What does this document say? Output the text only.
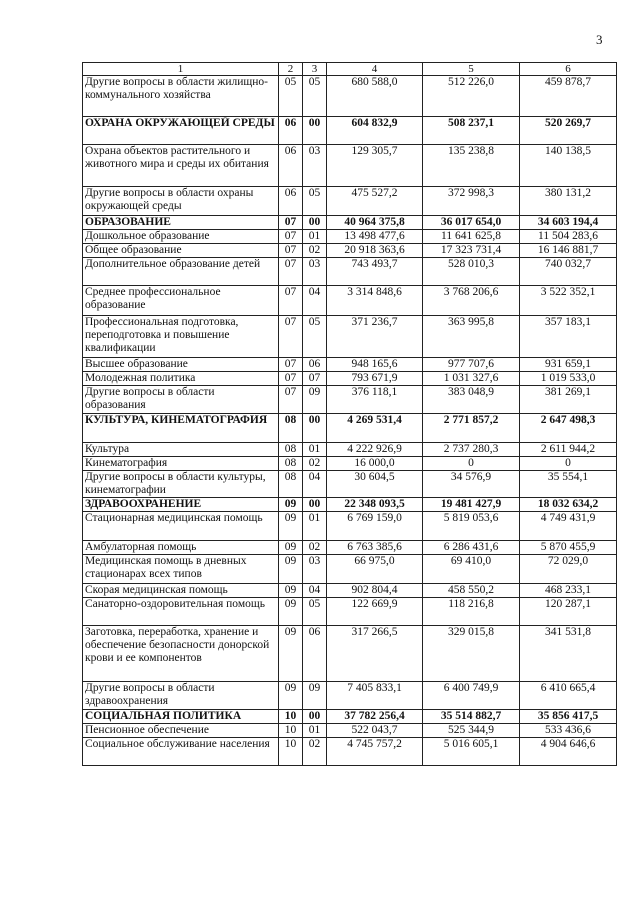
3
1	2	3	4	5	6
Другие вопросы в области жилищно-коммунального хозяйства	05	05	680 588,0	512 226,0	459 878,7
ОХРАНА ОКРУЖАЮЩЕЙ СРЕДЫ	06	00	604 832,9	508 237,1	520 269,7
Охрана объектов растительного и животного мира и среды их обитания	06	03	129 305,7	135 238,8	140 138,5
Другие вопросы в области охраны окружающей среды	06	05	475 527,2	372 998,3	380 131,2
ОБРАЗОВАНИЕ	07	00	40 964 375,8	36 017 654,0	34 603 194,4
Дошкольное образование	07	01	13 498 477,6	11 641 625,8	11 504 283,6
Общее образование	07	02	20 918 363,6	17 323 731,4	16 146 881,7
Дополнительное образование детей	07	03	743 493,7	528 010,3	740 032,7
Среднее профессиональное образование	07	04	3 314 848,6	3 768 206,6	3 522 352,1
Профессиональная подготовка, переподготовка и повышение квалификации	07	05	371 236,7	363 995,8	357 183,1
Высшее образование	07	06	948 165,6	977 707,6	931 659,1
Молодежная политика	07	07	793 671,9	1 031 327,6	1 019 533,0
Другие вопросы в области образования	07	09	376 118,1	383 048,9	381 269,1
КУЛЬТУРА, КИНЕМАТОГРАФИЯ	08	00	4 269 531,4	2 771 857,2	2 647 498,3
Культура	08	01	4 222 926,9	2 737 280,3	2 611 944,2
Кинематография	08	02	16 000,0	0	0
Другие вопросы в области культуры, кинематографии	08	04	30 604,5	34 576,9	35 554,1
ЗДРАВООХРАНЕНИЕ	09	00	22 348 093,5	19 481 427,9	18 032 634,2
Стационарная медицинская помощь	09	01	6 769 159,0	5 819 053,6	4 749 431,9
Амбулаторная помощь	09	02	6 763 385,6	6 286 431,6	5 870 455,9
Медицинская помощь в дневных стационарах всех типов	09	03	66 975,0	69 410,0	72 029,0
Скорая медицинская помощь	09	04	902 804,4	458 550,2	468 233,1
Санаторно-оздоровительная помощь	09	05	122 669,9	118 216,8	120 287,1
Заготовка, переработка, хранение и обеспечение безопасности донорской крови и ее компонентов	09	06	317 266,5	329 015,8	341 531,8
Другие вопросы в области здравоохранения	09	09	7 405 833,1	6 400 749,9	6 410 665,4
СОЦИАЛЬНАЯ ПОЛИТИКА	10	00	37 782 256,4	35 514 882,7	35 856 417,5
Пенсионное обеспечение	10	01	522 043,7	525 344,9	533 436,6
Социальное обслуживание населения	10	02	4 745 757,2	5 016 605,1	4 904 646,6
